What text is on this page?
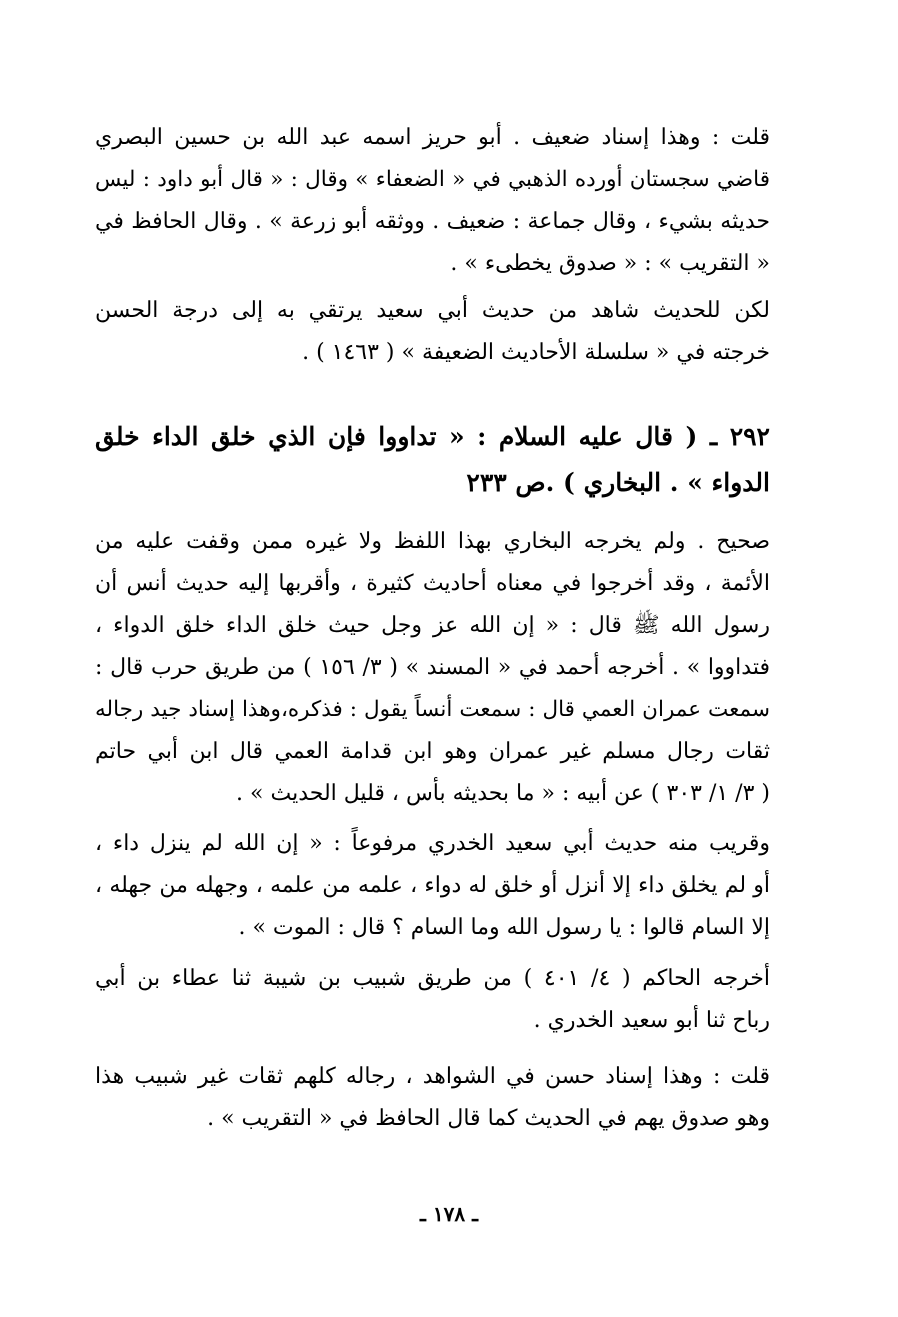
قلت : وهذا إسناد ضعيف . أبو حريز اسمه عبد الله بن حسين البصري
قاضي سجستان أورده الذهبي في « الضعفاء » وقال : « قال أبو داود : ليس
حديثه بشيء ، وقال جماعة : ضعيف . ووثقه أبو زرعة » . وقال الحافظ في
« التقريب » : « صدوق يخطىء » .
لكن للحديث شاهد من حديث أبي سعيد يرتقي به إلى درجة الحسن
خرجته في « سلسلة الأحاديث الضعيفة » ( ١٤٦٣ ) .
٢٩٢ ـ ( قال عليه السلام : « تداووا فإن الذي خلق الداء خلق
الدواء » . البخاري ) .ص ٢٣٣
صحيح . ولم يخرجه البخاري بهذا اللفظ ولا غيره ممن وقفت عليه من
الأئمة ، وقد أخرجوا في معناه أحاديث كثيرة ، وأقربها إليه حديث أنس أن
رسول الله ﷺ قال : « إن الله عز وجل حيث خلق الداء خلق الدواء ،
فتداووا » . أخرجه أحمد في « المسند » ( ٣/ ١٥٦ ) من طريق حرب قال :
سمعت عمران العمي قال : سمعت أنساً يقول : فذكره،وهذا إسناد جيد رجاله
ثقات رجال مسلم غير عمران وهو ابن قدامة العمي قال ابن أبي حاتم
( ٣/ ١/ ٣٠٣ ) عن أبيه : « ما بحديثه بأس ، قليل الحديث » .
وقريب منه حديث أبي سعيد الخدري مرفوعاً : « إن الله لم ينزل داء ،
أو لم يخلق داء إلا أنزل أو خلق له دواء ، علمه من علمه ، وجهله من جهله ،
إلا السام قالوا : يا رسول الله وما السام ؟ قال : الموت » .
أخرجه الحاكم ( ٤/ ٤٠١ ) من طريق شبيب بن شيبة ثنا عطاء بن أبي
رباح ثنا أبو سعيد الخدري .
قلت : وهذا إسناد حسن في الشواهد ، رجاله كلهم ثقات غير شبيب هذا
وهو صدوق يهم في الحديث كما قال الحافظ في « التقريب » .
ـ ١٧٨ ـ
